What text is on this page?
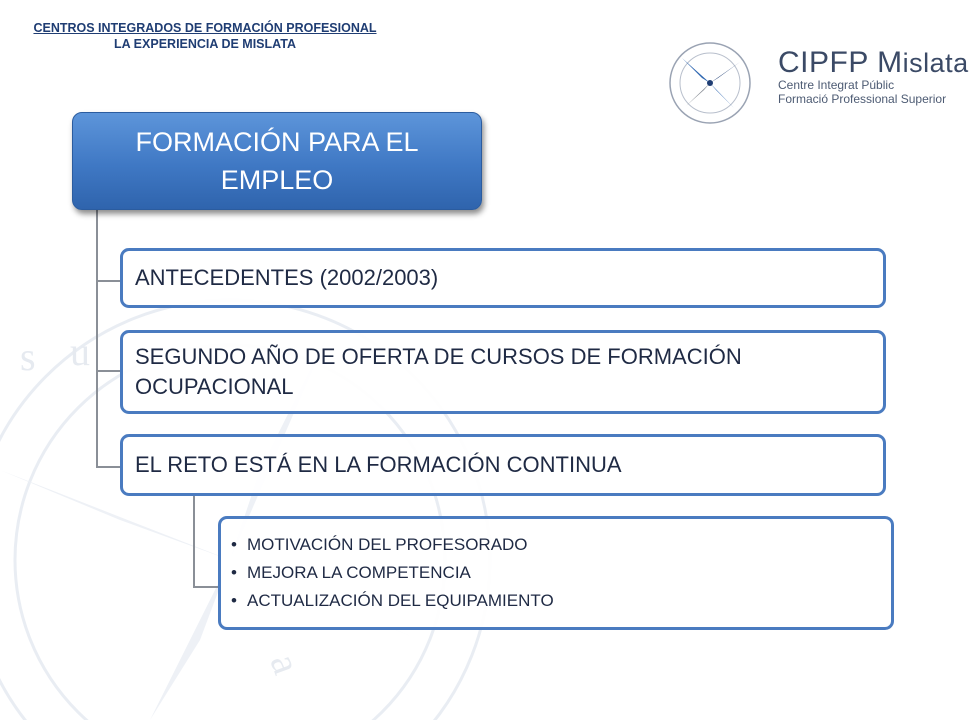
s u
a
CENTROS INTEGRADOS DE FORMACIÓN PROFESIONAL
LA EXPERIENCIA DE MISLATA
CIPFP Mislata
Centre Integrat Públic
Formació Professional Superior
FORMACIÓN PARA EL EMPLEO
ANTECEDENTES (2002/2003)
SEGUNDO AÑO DE OFERTA DE CURSOS DE FORMACIÓN OCUPACIONAL
EL RETO ESTÁ EN LA FORMACIÓN CONTINUA
• MOTIVACIÓN DEL PROFESORADO
• MEJORA LA COMPETENCIA
• ACTUALIZACIÓN DEL EQUIPAMIENTO
